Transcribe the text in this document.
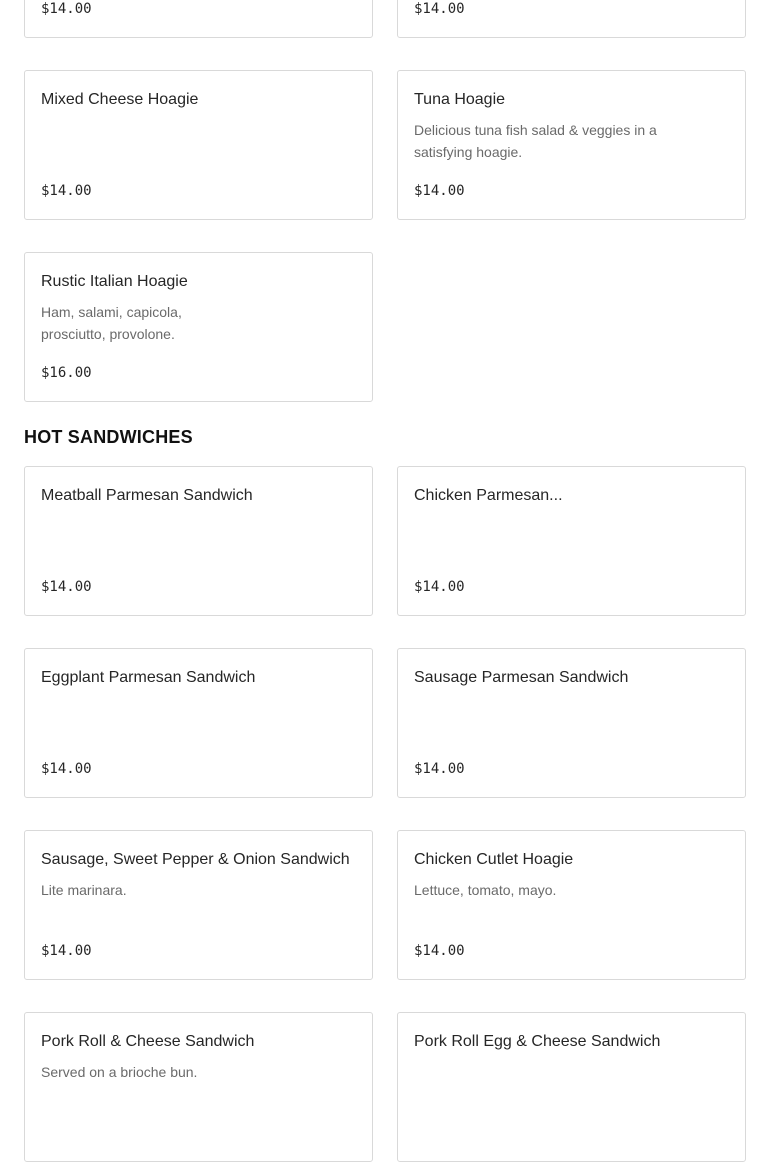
$14.00	$14.00
Mixed Cheese Hoagie
$14.00
Tuna Hoagie
Delicious tuna fish salad & veggies in a satisfying hoagie.
$14.00
Rustic Italian Hoagie
Ham, salami, capicola, prosciutto, provolone.
$16.00
HOT SANDWICHES
Meatball Parmesan Sandwich
$14.00
Chicken Parmesan...
$14.00
Eggplant Parmesan Sandwich
$14.00
Sausage Parmesan Sandwich
$14.00
Sausage, Sweet Pepper & Onion Sandwich
Lite marinara.
$14.00
Chicken Cutlet Hoagie
Lettuce, tomato, mayo.
$14.00
Pork Roll & Cheese Sandwich
Served on a brioche bun.
Pork Roll Egg & Cheese Sandwich
